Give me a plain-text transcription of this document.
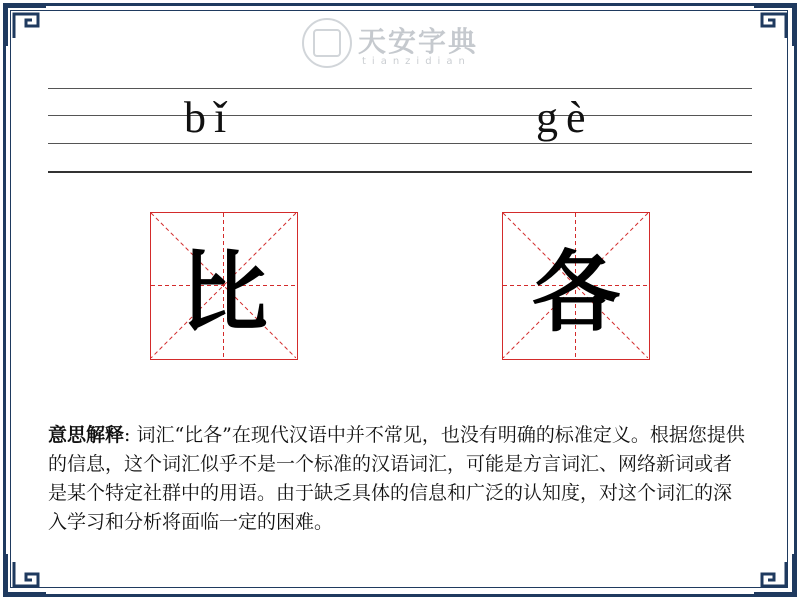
天安字典
tianzidian
bǐ	gè
比	各
意思解释: 词汇“比各”在现代汉语中并不常见，也没有明确的标准定义。根据您提供的信息，这个词汇似乎不是一个标准的汉语词汇，可能是方言词汇、网络新词或者是某个特定社群中的用语。由于缺乏具体的信息和广泛的认知度，对这个词汇的深入学习和分析将面临一定的困难。
